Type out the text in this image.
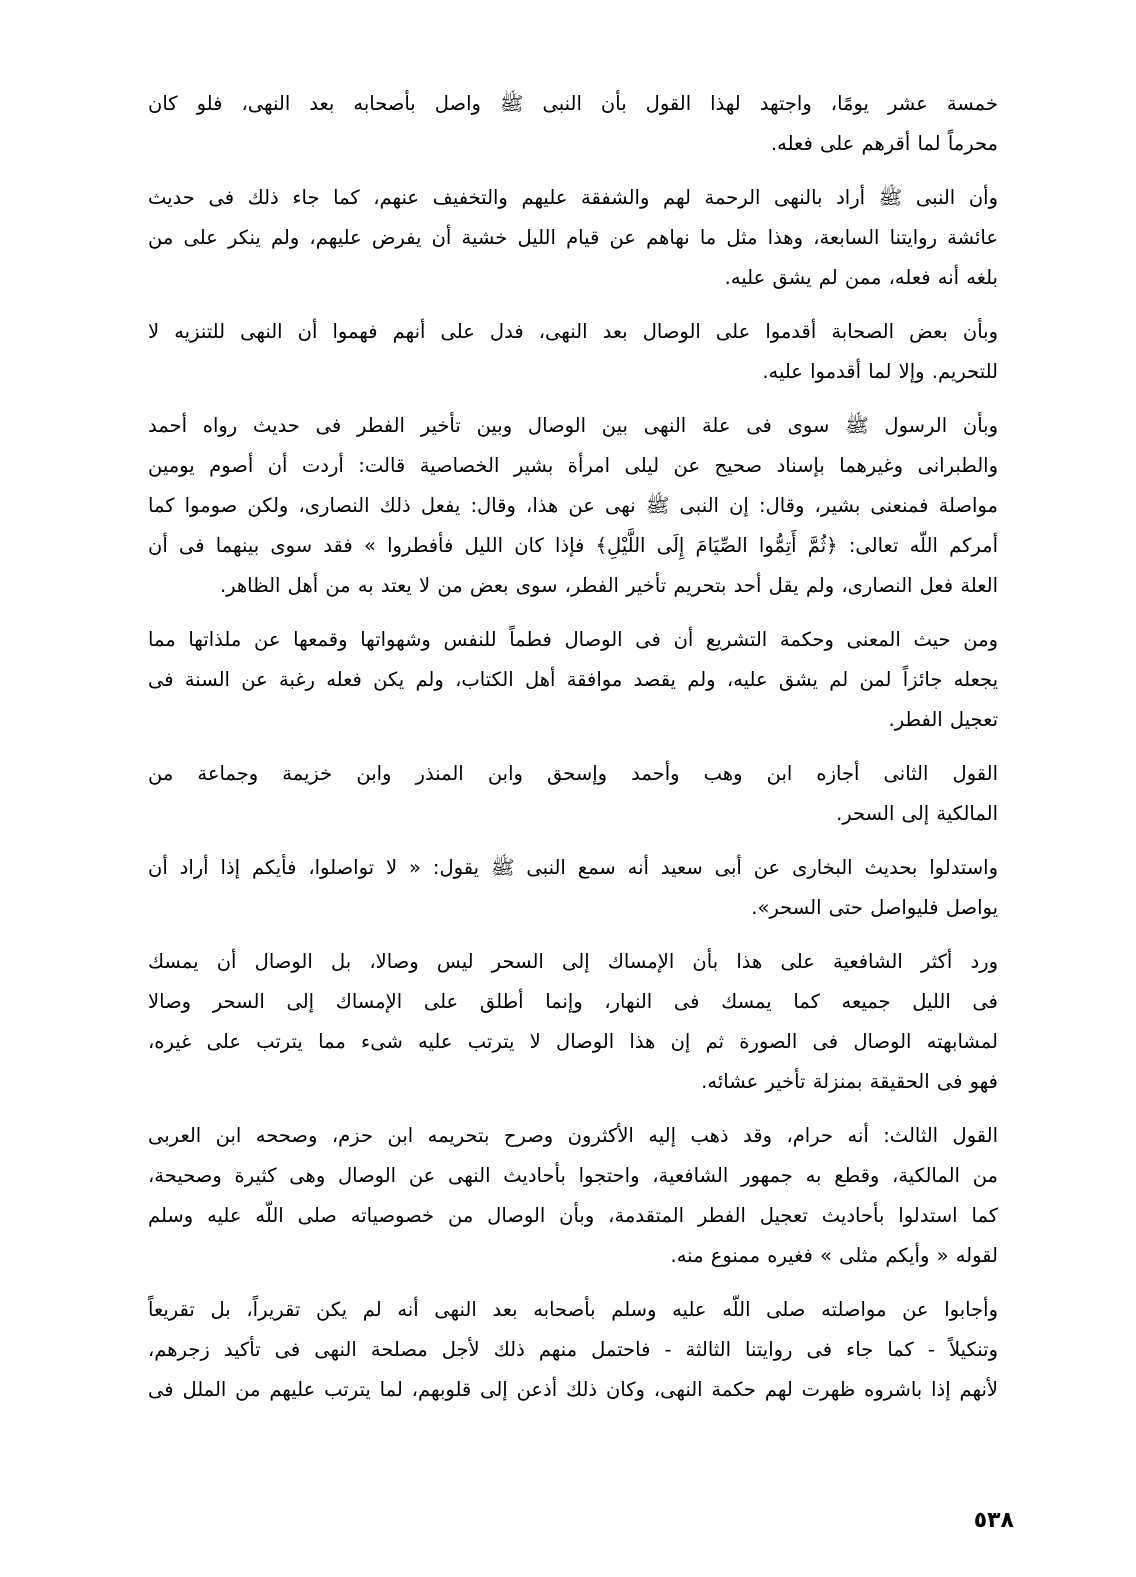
خمسة عشر يومًا، واجتهد لهذا القول بأن النبى ﷺ واصل بأصحابه بعد النهى، فلو كان
محرماً لما أقرهم على فعله.

وأن النبى ﷺ أراد بالنهى الرحمة لهم والشفقة عليهم والتخفيف عنهم، كما جاء ذلك فى حديث
عائشة روايتنا السابعة، وهذا مثل ما نهاهم عن قيام الليل خشية أن يفرض عليهم، ولم ينكر على من
بلغه أنه فعله، ممن لم يشق عليه.

وبأن بعض الصحابة أقدموا على الوصال بعد النهى، فدل على أنهم فهموا أن النهى للتنزيه لا
للتحريم. وإلا لما أقدموا عليه.

وبأن الرسول ﷺ سوى فى علة النهى بين الوصال وبين تأخير الفطر فى حديث رواه أحمد
والطبرانى وغيرهما بإسناد صحيح عن ليلى امرأة بشير الخصاصية قالت: أردت أن أصوم يومين
مواصلة فمنعنى بشير، وقال: إن النبى ﷺ نهى عن هذا، وقال: يفعل ذلك النصارى، ولكن صوموا كما
أمركم اللّه تعالى: ﴿ثُمَّ أَتِمُّوا الصِّيَامَ إِلَى اللَّيْلِ﴾ فإذا كان الليل فأفطروا » فقد سوى بينهما فى أن
العلة فعل النصارى، ولم يقل أحد بتحريم تأخير الفطر، سوى بعض من لا يعتد به من أهل الظاهر.

ومن حيث المعنى وحكمة التشريع أن فى الوصال فطماً للنفس وشهواتها وقمعها عن ملذاتها مما
يجعله جائزاً لمن لم يشق عليه، ولم يقصد موافقة أهل الكتاب، ولم يكن فعله رغبة عن السنة فى
تعجيل الفطر.

القول الثانى أجازه ابن وهب وأحمد وإسحق وابن المنذر وابن خزيمة وجماعة من
المالكية إلى السحر.

واستدلوا بحديث البخارى عن أبى سعيد أنه سمع النبى ﷺ يقول: « لا تواصلوا، فأيكم إذا أراد أن
يواصل فليواصل حتى السحر».

ورد أكثر الشافعية على هذا بأن الإمساك إلى السحر ليس وصالا، بل الوصال أن يمسك
فى الليل جميعه كما يمسك فى النهار، وإنما أطلق على الإمساك إلى السحر وصالا
لمشابهته الوصال فى الصورة ثم إن هذا الوصال لا يترتب عليه شىء مما يترتب على غيره،
فهو فى الحقيقة بمنزلة تأخير عشائه.

القول الثالث: أنه حرام، وقد ذهب إليه الأكثرون وصرح بتحريمه ابن حزم، وصححه ابن العربى
من المالكية، وقطع به جمهور الشافعية، واحتجوا بأحاديث النهى عن الوصال وهى كثيرة وصحيحة،
كما استدلوا بأحاديث تعجيل الفطر المتقدمة، وبأن الوصال من خصوصياته صلى اللّه عليه وسلم
لقوله « وأيكم مثلى » فغيره ممنوع منه.

وأجابوا عن مواصلته صلى اللّه عليه وسلم بأصحابه بعد النهى أنه لم يكن تقريراً، بل تقريعاً
وتنكيلاً - كما جاء فى روايتنا الثالثة - فاحتمل منهم ذلك لأجل مصلحة النهى فى تأكيد زجرهم،
لأنهم إذا باشروه ظهرت لهم حكمة النهى، وكان ذلك أذعن إلى قلوبهم، لما يترتب عليهم من الملل فى

٥٣٨
